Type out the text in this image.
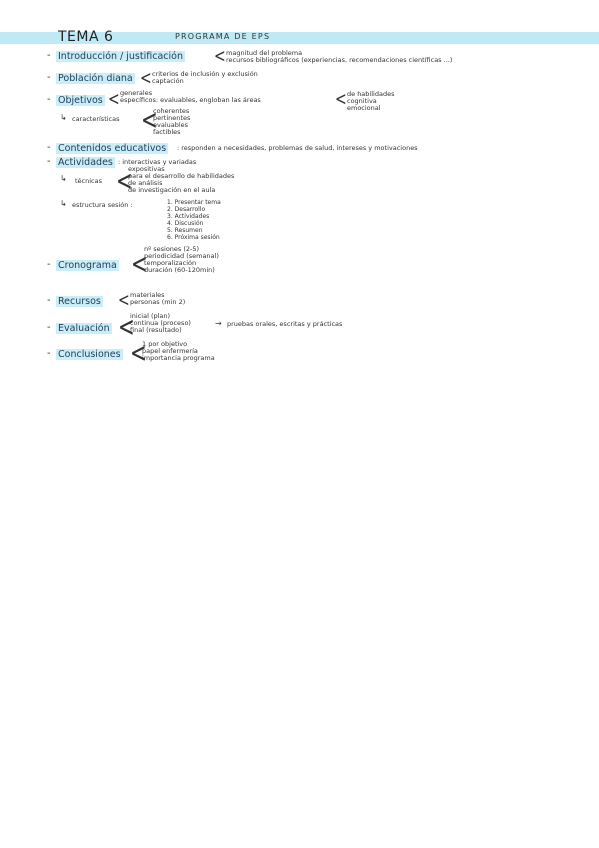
TEMA 6	PROGRAMA DE EPS
- Introducción / justificación < magnitud del problema
recursos bibliográficos (experiencias, recomendaciones científicas ...)
- Población diana < criterios de inclusión y exclusión
captación
- Objetivos < generales
específicos: evaluables, engloban las áreas	< de habilidades
cognitiva
emocional
↳ características <
coherentes
pertinentes
evaluables
factibles
- Contenidos educativos	: responden a necesidades, problemas de salud, intereses y motivaciones
- Actividades : interactivas y variadas
↳ técnicas <
expositivas
para el desarrollo de habilidades
de análisis
de investigación en el aula
↳ estructura sesión :	1. Presentar tema
2. Desarrollo
3. Actividades
4. Discusión
5. Resumen
6. Próxima sesión
- Cronograma <
nº sesiones (2-5)
periodicidad (semanal)
temporalización
duración (60-120min)
- Recursos < materiales
personas (min 2)
- Evaluación <
inicial (plan)
continua (proceso)
final (resultado)
→ pruebas orales, escritas y prácticas
- Conclusiones <
1 por objetivo
papel enfermería
importancia programa
